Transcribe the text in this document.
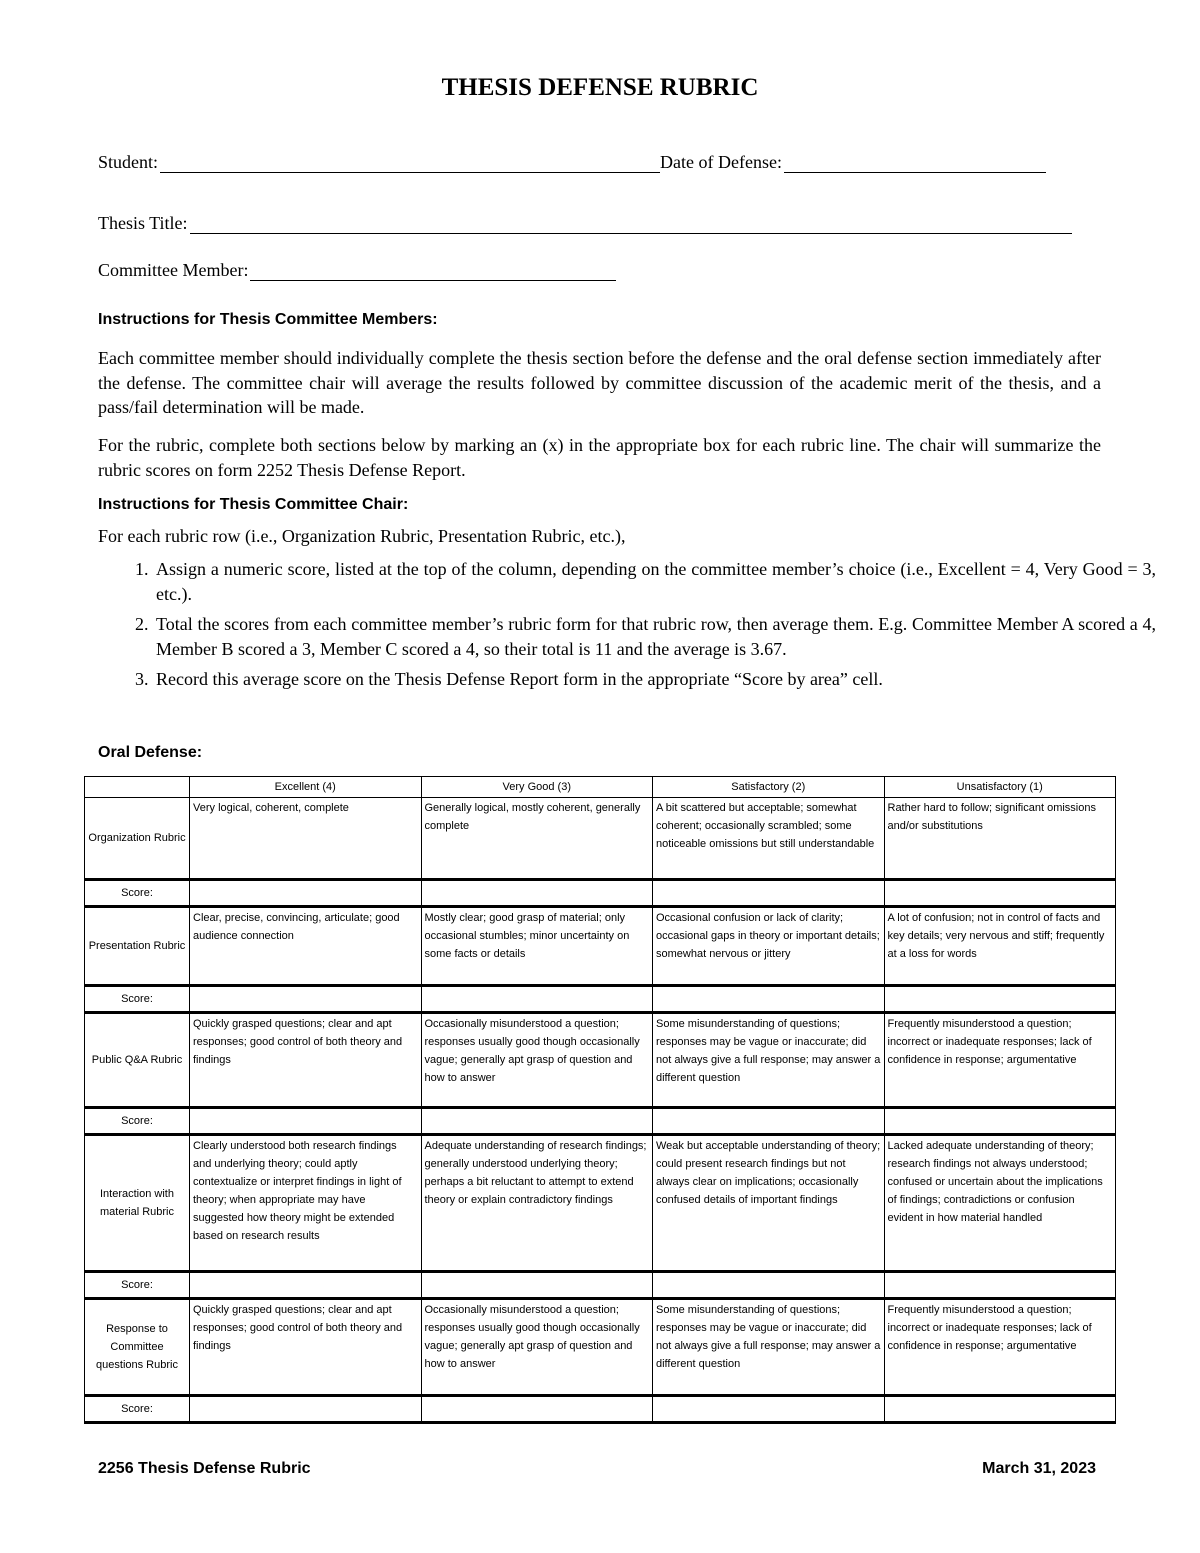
THESIS DEFENSE RUBRIC
Student:	Date of Defense:
Thesis Title:
Committee Member:
Instructions for Thesis Committee Members:
Each committee member should individually complete the thesis section before the defense and the oral defense section immediately after the defense. The committee chair will average the results followed by committee discussion of the academic merit of the thesis, and a pass/fail determination will be made.
For the rubric, complete both sections below by marking an (x) in the appropriate box for each rubric line. The chair will summarize the rubric scores on form 2252 Thesis Defense Report.
Instructions for Thesis Committee Chair:
For each rubric row (i.e., Organization Rubric, Presentation Rubric, etc.),
1. Assign a numeric score, listed at the top of the column, depending on the committee member’s choice (i.e., Excellent = 4, Very Good = 3, etc.).
2. Total the scores from each committee member’s rubric form for that rubric row, then average them. E.g. Committee Member A scored a 4, Member B scored a 3, Member C scored a 4, so their total is 11 and the average is 3.67.
3. Record this average score on the Thesis Defense Report form in the appropriate “Score by area” cell.
Oral Defense:
	Excellent (4)	Very Good (3)	Satisfactory (2)	Unsatisfactory (1)
Organization Rubric	Very logical, coherent, complete	Generally logical, mostly coherent, generally complete	A bit scattered but acceptable; somewhat coherent; occasionally scrambled; some noticeable omissions but still understandable	Rather hard to follow; significant omissions and/or substitutions
Score:				
Presentation Rubric	Clear, precise, convincing, articulate; good audience connection	Mostly clear; good grasp of material; only occasional stumbles; minor uncertainty on some facts or details	Occasional confusion or lack of clarity; occasional gaps in theory or important details; somewhat nervous or jittery	A lot of confusion; not in control of facts and key details; very nervous and stiff; frequently at a loss for words
Score:				
Public Q&A Rubric	Quickly grasped questions; clear and apt responses; good control of both theory and findings	Occasionally misunderstood a question; responses usually good though occasionally vague; generally apt grasp of question and how to answer	Some misunderstanding of questions; responses may be vague or inaccurate; did not always give a full response; may answer a different question	Frequently misunderstood a question; incorrect or inadequate responses; lack of confidence in response; argumentative
Score:				
Interaction with material Rubric	Clearly understood both research findings and underlying theory; could aptly contextualize or interpret findings in light of theory; when appropriate may have suggested how theory might be extended based on research results	Adequate understanding of research findings; generally understood underlying theory; perhaps a bit reluctant to attempt to extend theory or explain contradictory findings	Weak but acceptable understanding of theory; could present research findings but not always clear on implications; occasionally confused details of important findings	Lacked adequate understanding of theory; research findings not always understood; confused or uncertain about the implications of findings; contradictions or confusion evident in how material handled
Score:				
Response to Committee questions Rubric	Quickly grasped questions; clear and apt responses; good control of both theory and findings	Occasionally misunderstood a question; responses usually good though occasionally vague; generally apt grasp of question and how to answer	Some misunderstanding of questions; responses may be vague or inaccurate; did not always give a full response; may answer a different question	Frequently misunderstood a question; incorrect or inadequate responses; lack of confidence in response; argumentative
Score:				
2256 Thesis Defense Rubric	March 31, 2023
